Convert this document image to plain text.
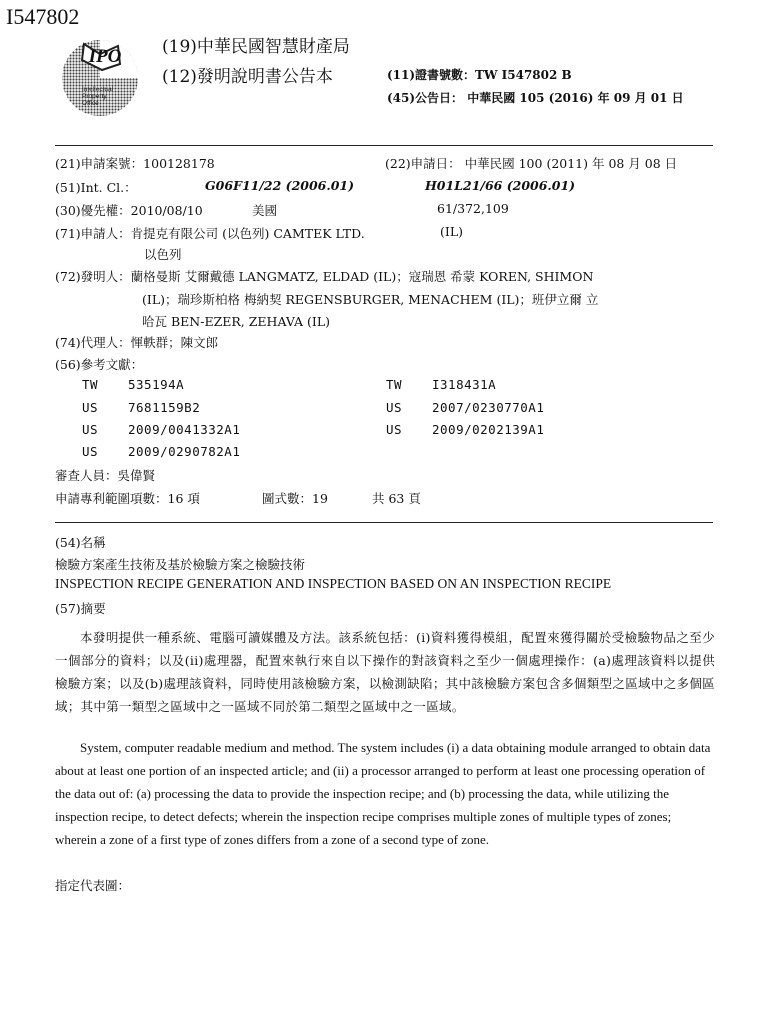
I547802
IPO
Intellectual
Property
Office
(19)中華民國智慧財產局
(12)發明說明書公告本	(11)證書號數：TW I547802 B
(45)公告日： 中華民國 105 (2016) 年 09 月 01 日
(21)申請案號：100128178	(22)申請日： 中華民國 100 (2011) 年 08 月 08 日
(51)Int. Cl.：	G06F11/22 (2006.01)	H01L21/66 (2006.01)
(30)優先權：2010/08/10	美國	61/372,109
(71)申請人：肯提克有限公司 (以色列) CAMTEK LTD.	(IL)
以色列
(72)發明人：蘭格曼斯 艾爾戴德 LANGMATZ, ELDAD (IL)；寇瑞恩 希蒙 KOREN, SHIMON
(IL)；瑞珍斯柏格 梅納契 REGENSBURGER, MENACHEM (IL)；班伊立爾 立
哈瓦 BEN-EZER, ZEHAVA (IL)
(74)代理人：惲軼群；陳文郎
(56)參考文獻：
TW 535194A	TW I318431A
US 7681159B2	US 2007/0230770A1
US 2009/0041332A1	US 2009/0202139A1
US 2009/0290782A1
審查人員：吳偉賢
申請專利範圍項數：16 項	圖式數：19	共 63 頁
(54)名稱
檢驗方案產生技術及基於檢驗方案之檢驗技術
INSPECTION RECIPE GENERATION AND INSPECTION BASED ON AN INSPECTION RECIPE
(57)摘要
本發明提供一種系統、電腦可讀媒體及方法。該系統包括：(i)資料獲得模組，配置來獲得關於受檢驗物品之至少一個部分的資料；以及(ii)處理器，配置來執行來自以下操作的對該資料之至少一個處理操作：(a)處理該資料以提供檢驗方案；以及(b)處理該資料，同時使用該檢驗方案，以檢測缺陷；其中該檢驗方案包含多個類型之區域中之多個區域；其中第一類型之區域中之一區域不同於第二類型之區域中之一區域。
System, computer readable medium and method. The system includes (i) a data obtaining module arranged to obtain data about at least one portion of an inspected article; and (ii) a processor arranged to perform at least one processing operation of the data out of: (a) processing the data to provide the inspection recipe; and (b) processing the data, while utilizing the inspection recipe, to detect defects; wherein the inspection recipe comprises multiple zones of multiple types of zones; wherein a zone of a first type of zones differs from a zone of a second type of zone.
指定代表圖：
